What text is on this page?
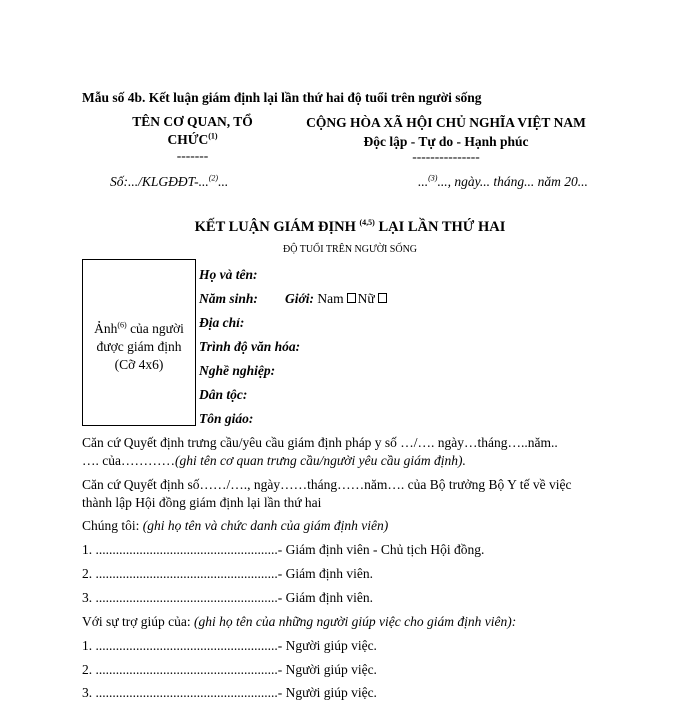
Mẫu số 4b. Kết luận giám định lại lần thứ hai độ tuổi trên người sống
TÊN CƠ QUAN, TỔ
CHỨC$^{(1)}$
-------
CỘNG HÒA XÃ HỘI CHỦ NGHĨA VIỆT NAM
Độc lập - Tự do - Hạnh phúc
---------------
Số:.../KLGĐĐT-...$^{(2)}$...	...$^{(3)}$..., ngày... tháng... năm 20...
KẾT LUẬN GIÁM ĐỊNH $^{(4,5)}$ LẠI LẦN THỨ HAI
ĐỘ TUỔI TRÊN NGƯỜI SỐNG
Ảnh$^{(6)}$ của người
được giám định
(Cỡ 4x6)
Họ và tên:
Năm sinh: Giới: Nam Nữ
Địa chỉ:
Trình độ văn hóa:
Nghề nghiệp:
Dân tộc:
Tôn giáo:
Căn cứ Quyết định trưng cầu/yêu cầu giám định pháp y số …/…. ngày…tháng…..năm..
…. của…………(ghi tên cơ quan trưng cầu/người yêu cầu giám định).
Căn cứ Quyết định số……/…., ngày……tháng……năm…. của Bộ trưởng Bộ Y tế về việc
thành lập Hội đồng giám định lại lần thứ hai
Chúng tôi: (ghi họ tên và chức danh của giám định viên)
1. ......................................................- Giám định viên - Chủ tịch Hội đồng.
2. ......................................................- Giám định viên.
3. ......................................................- Giám định viên.
Với sự trợ giúp của: (ghi họ tên của những người giúp việc cho giám định viên):
1. ......................................................- Người giúp việc.
2. ......................................................- Người giúp việc.
3. ......................................................- Người giúp việc.
